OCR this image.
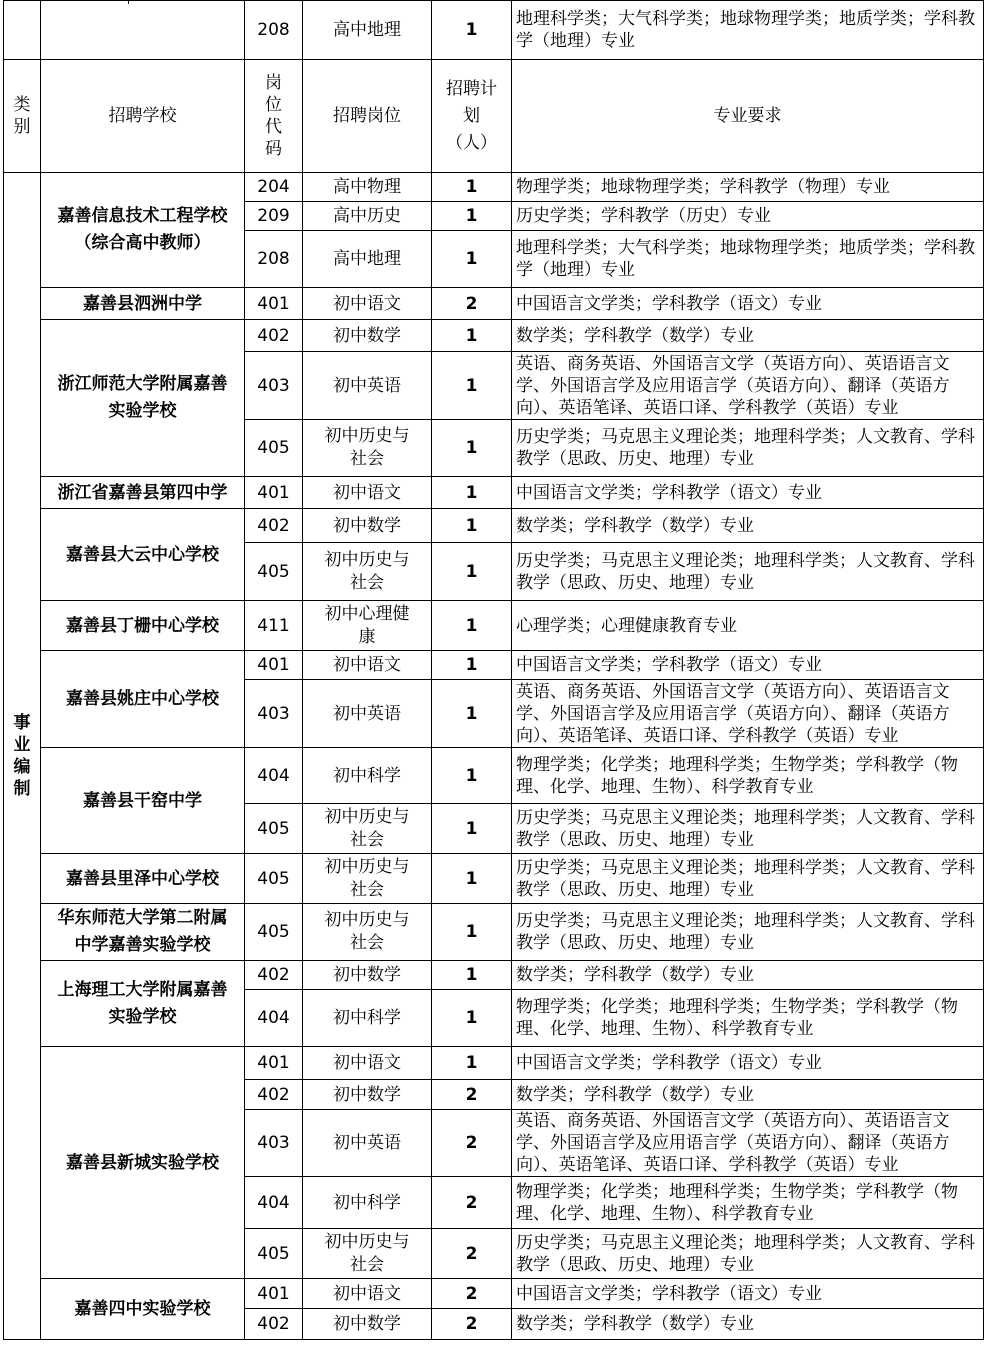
		208	高中地理	1	地理科学类；大气科学类；地球物理学类；地质学类；学科教学（地理）专业
类别	招聘学校	岗位代码	招聘岗位	招聘计划（人）	专业要求
事业编制	嘉善信息技术工程学校（综合高中教师）	204	高中物理	1	物理学类；地球物理学类；学科教学（物理）专业
		209	高中历史	1	历史学类；学科教学（历史）专业
		208	高中地理	1	地理科学类；大气科学类；地球物理学类；地质学类；学科教学（地理）专业
	嘉善县泗洲中学	401	初中语文	2	中国语言文学类；学科教学（语文）专业
	浙江师范大学附属嘉善实验学校	402	初中数学	1	数学类；学科教学（数学）专业
		403	初中英语	1	英语、商务英语、外国语言文学（英语方向）、英语语言文学、外国语言学及应用语言学（英语方向）、翻译（英语方向）、英语笔译、英语口译、学科教学（英语）专业
		405	初中历史与社会	1	历史学类；马克思主义理论类；地理科学类；人文教育、学科教学（思政、历史、地理）专业
	浙江省嘉善县第四中学	401	初中语文	1	中国语言文学类；学科教学（语文）专业
	嘉善县大云中心学校	402	初中数学	1	数学类；学科教学（数学）专业
		405	初中历史与社会	1	历史学类；马克思主义理论类；地理科学类；人文教育、学科教学（思政、历史、地理）专业
	嘉善县丁栅中心学校	411	初中心理健康	1	心理学类；心理健康教育专业
	嘉善县姚庄中心学校	401	初中语文	1	中国语言文学类；学科教学（语文）专业
		403	初中英语	1	英语、商务英语、外国语言文学（英语方向）、英语语言文学、外国语言学及应用语言学（英语方向）、翻译（英语方向）、英语笔译、英语口译、学科教学（英语）专业
	嘉善县干窑中学	404	初中科学	1	物理学类；化学类；地理科学类；生物学类；学科教学（物理、化学、地理、生物）、科学教育专业
		405	初中历史与社会	1	历史学类；马克思主义理论类；地理科学类；人文教育、学科教学（思政、历史、地理）专业
	嘉善县里泽中心学校	405	初中历史与社会	1	历史学类；马克思主义理论类；地理科学类；人文教育、学科教学（思政、历史、地理）专业
	华东师范大学第二附属中学嘉善实验学校	405	初中历史与社会	1	历史学类；马克思主义理论类；地理科学类；人文教育、学科教学（思政、历史、地理）专业
	上海理工大学附属嘉善实验学校	402	初中数学	1	数学类；学科教学（数学）专业
		404	初中科学	1	物理学类；化学类；地理科学类；生物学类；学科教学（物理、化学、地理、生物）、科学教育专业
	嘉善县新城实验学校	401	初中语文	1	中国语言文学类；学科教学（语文）专业
		402	初中数学	2	数学类；学科教学（数学）专业
		403	初中英语	2	英语、商务英语、外国语言文学（英语方向）、英语语言文学、外国语言学及应用语言学（英语方向）、翻译（英语方向）、英语笔译、英语口译、学科教学（英语）专业
		404	初中科学	2	物理学类；化学类；地理科学类；生物学类；学科教学（物理、化学、地理、生物）、科学教育专业
		405	初中历史与社会	2	历史学类；马克思主义理论类；地理科学类；人文教育、学科教学（思政、历史、地理）专业
	嘉善四中实验学校	401	初中语文	2	中国语言文学类；学科教学（语文）专业
		402	初中数学	2	数学类；学科教学（数学）专业
